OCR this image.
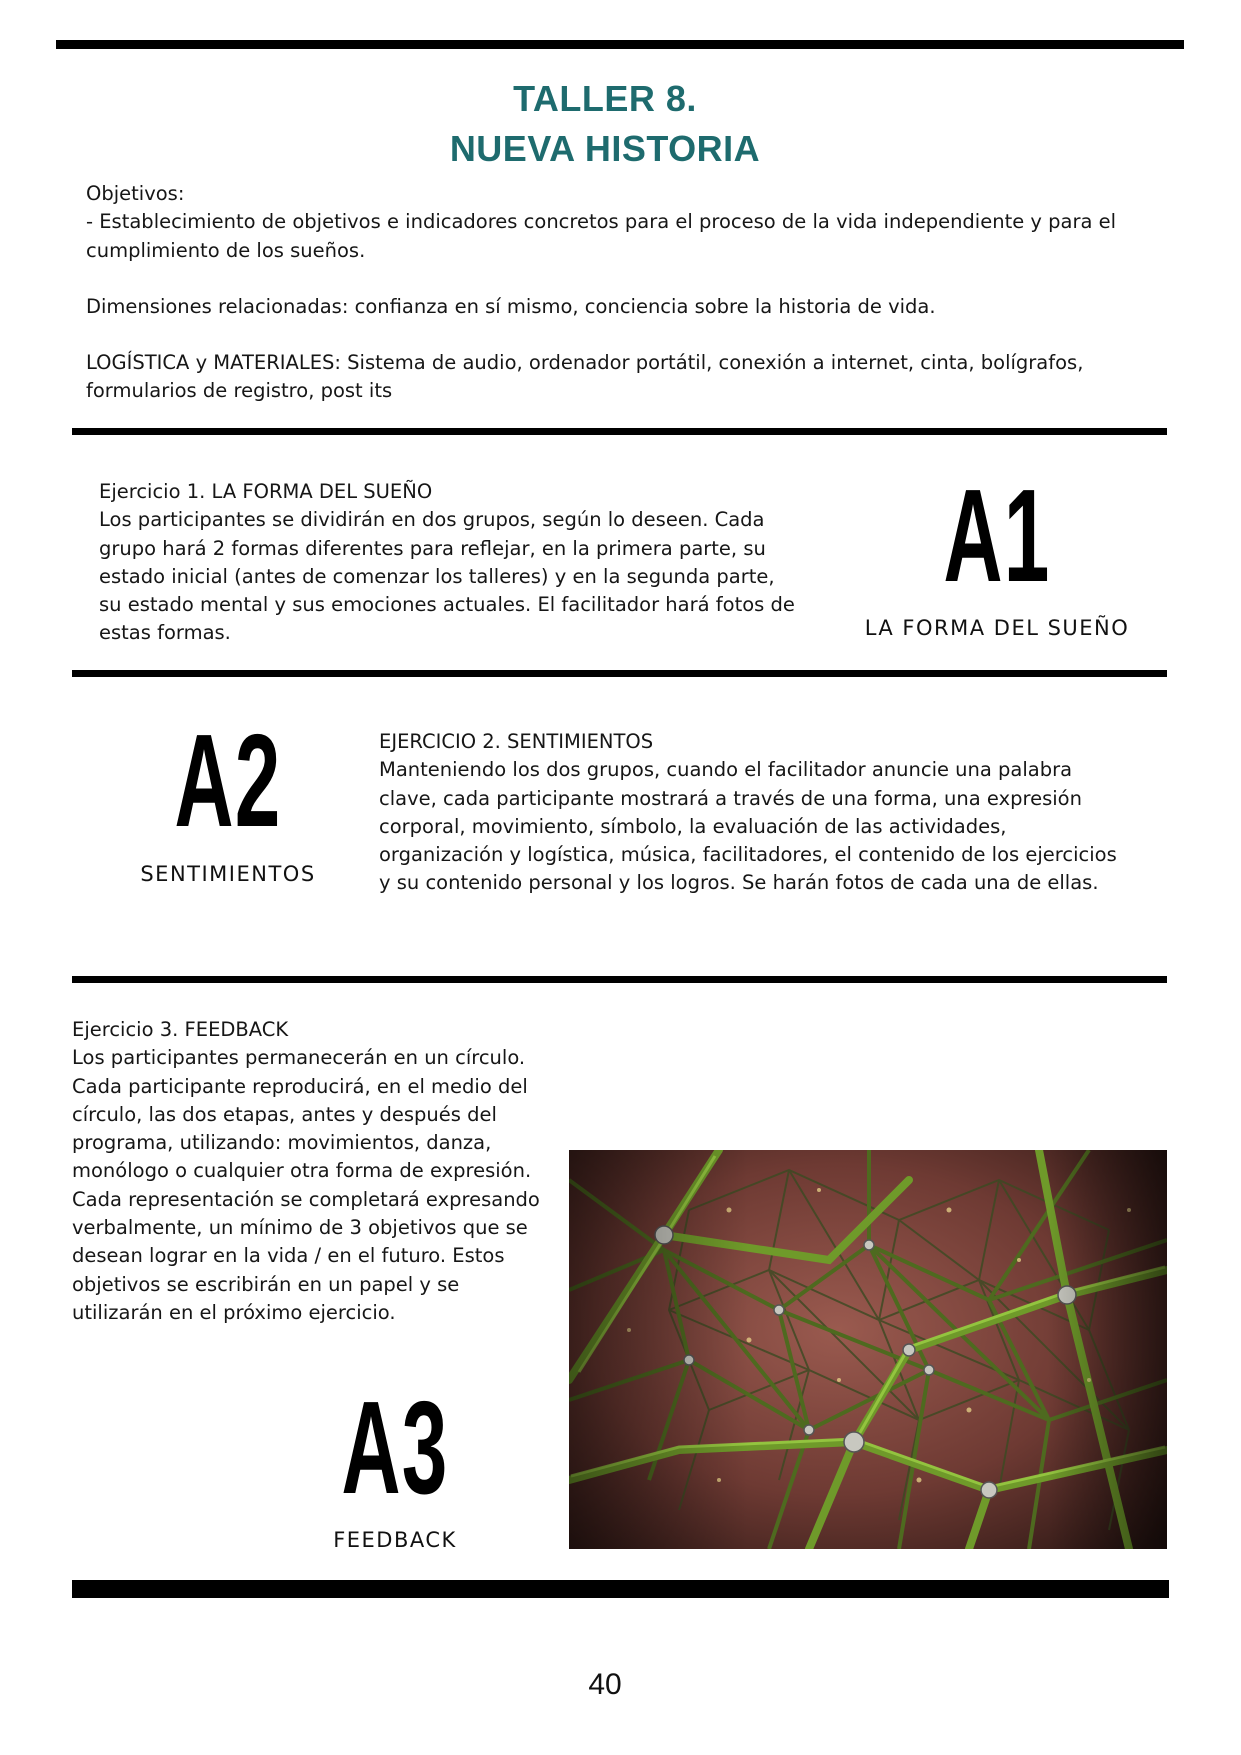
TALLER 8.
NUEVA HISTORIA

Objetivos:

- Establecimiento de objetivos e indicadores concretos para el proceso de la vida independiente y para el cumplimiento de los sueños.

Dimensiones relacionadas: confianza en sí mismo, conciencia sobre la historia de vida.

LOGÍSTICA y MATERIALES: Sistema de audio, ordenador portátil, conexión a internet, cinta, bolígrafos, formularios de registro, post its

Ejercicio 1. LA FORMA DEL SUEÑO

Los participantes se dividirán en dos grupos, según lo deseen. Cada grupo hará 2 formas diferentes para reflejar, en la primera parte, su estado inicial (antes de comenzar los talleres) y en la segunda parte, su estado mental y sus emociones actuales. El facilitador hará fotos de estas formas.

A1
LA FORMA DEL SUEÑO
A2
SENTIMIENTOS

EJERCICIO 2. SENTIMIENTOS

Manteniendo los dos grupos, cuando el facilitador anuncie una palabra clave, cada participante mostrará a través de una forma, una expresión corporal, movimiento, símbolo, la evaluación de las actividades, organización y logística, música, facilitadores, el contenido de los ejercicios y su contenido personal y los logros. Se harán fotos de cada una de ellas.

Ejercicio 3. FEEDBACK

Los participantes permanecerán en un círculo. Cada participante reproducirá, en el medio del círculo, las dos etapas, antes y después del programa, utilizando: movimientos, danza, monólogo o cualquier otra forma de expresión.

Cada representación se completará expresando verbalmente, un mínimo de 3 objetivos que se desean lograr en la vida / en el futuro. Estos objetivos se escribirán en un papel y se utilizarán en el próximo ejercicio.

A3
FEEDBACK
40
